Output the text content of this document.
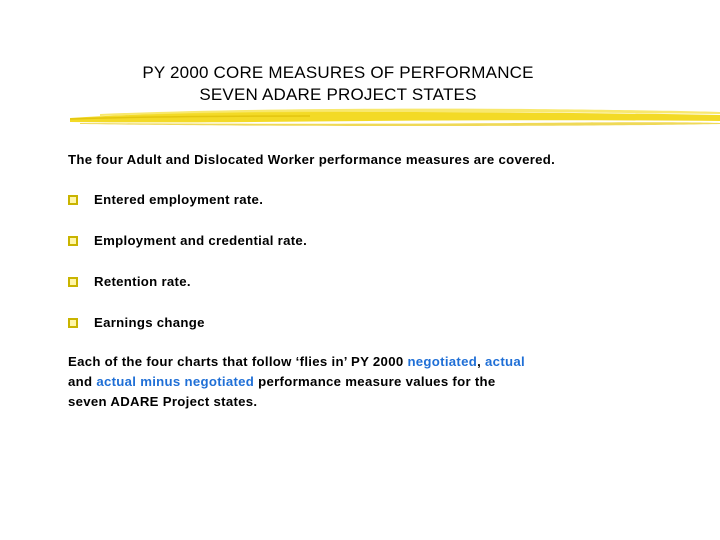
PY 2000 CORE MEASURES OF PERFORMANCE
SEVEN ADARE PROJECT STATES
The four Adult and Dislocated Worker performance measures are covered.
Entered employment rate.
Employment and credential rate.
Retention rate.
Earnings change
Each of the four charts that follow ‘flies in’ PY 2000 negotiated, actual
and actual minus negotiated performance measure values for the
seven ADARE Project states.
